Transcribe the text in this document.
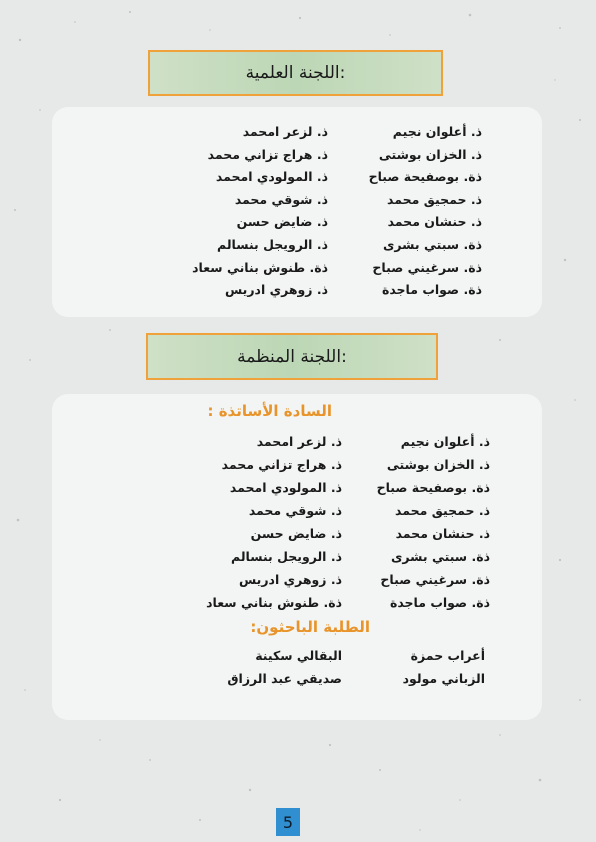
اللجنة العلمية:
ذ. أعلوان نجيم
ذ. الخزان بوشتى
ذة. بوصفيحة صباح
ذ. حمجيق محمد
ذ. حنشان محمد
ذة. سبتي بشرى
ذة. سرغيني صباح
ذة. صواب ماجدة
ذ. لزعر امحمد
ذ. هراج تزاني محمد
ذ. المولودي امحمد
ذ. شوقي محمد
ذ. ضايض حسن
ذ. الرويجل بنسالم
ذة. طنوش بناني سعاد
ذ. زوهري ادريس
اللجنة المنظمة:
السادة الأساتذة :
ذ. أعلوان نجيم
ذ. الخزان بوشتى
ذة. بوصفيحة صباح
ذ. حمجيق محمد
ذ. حنشان محمد
ذة. سبتي بشرى
ذة. سرغيني صباح
ذة. صواب ماجدة
ذ. لزعر امحمد
ذ. هراج تزاني محمد
ذ. المولودي امحمد
ذ. شوقي محمد
ذ. ضايض حسن
ذ. الرويجل بنسالم
ذ. زوهري ادريس
ذة. طنوش بناني سعاد
الطلبة الباحثون:
أعراب حمزة
الزباني مولود
البقالي سكينة
صديقي عبد الرزاق
5
